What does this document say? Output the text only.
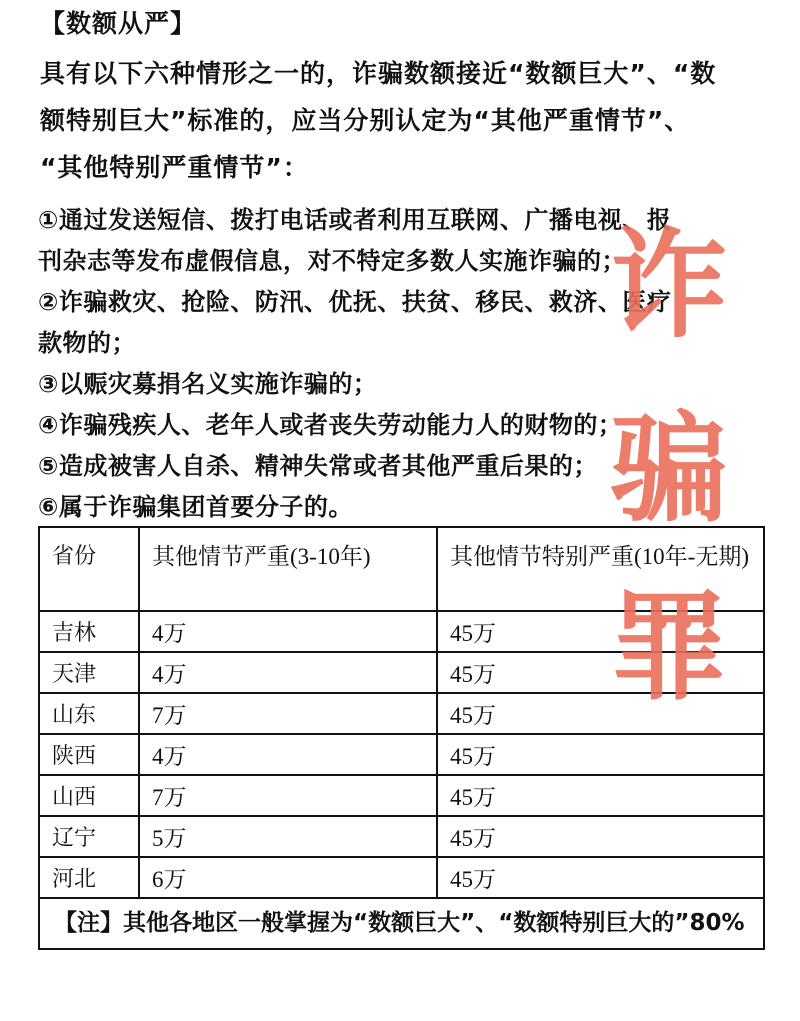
【数额从严】

具有以下六种情形之一的，诈骗数额接近“数额巨大”、“数

额特别巨大”标准的，应当分别认定为“其他严重情节”、

“其他特别严重情节”：

①通过发送短信、拨打电话或者利用互联网、广播电视、报
刊杂志等发布虚假信息，对不特定多数人实施诈骗的；
②诈骗救灾、抢险、防汛、优抚、扶贫、移民、救济、医疗
款物的；
③以赈灾募捐名义实施诈骗的；
④诈骗残疾人、老年人或者丧失劳动能力人的财物的；
⑤造成被害人自杀、精神失常或者其他严重后果的；
⑥属于诈骗集团首要分子的。
省份	其他情节严重(3-10年)	其他情节特别严重(10年-无期)
吉林	4万	45万
天津	4万	45万
山东	7万	45万
陕西	4万	45万
山西	7万	45万
辽宁	5万	45万
河北	6万	45万
【注】其他各地区一般掌握为“数额巨大”、“数额特别巨大的”80%		
诈
骗
罪
